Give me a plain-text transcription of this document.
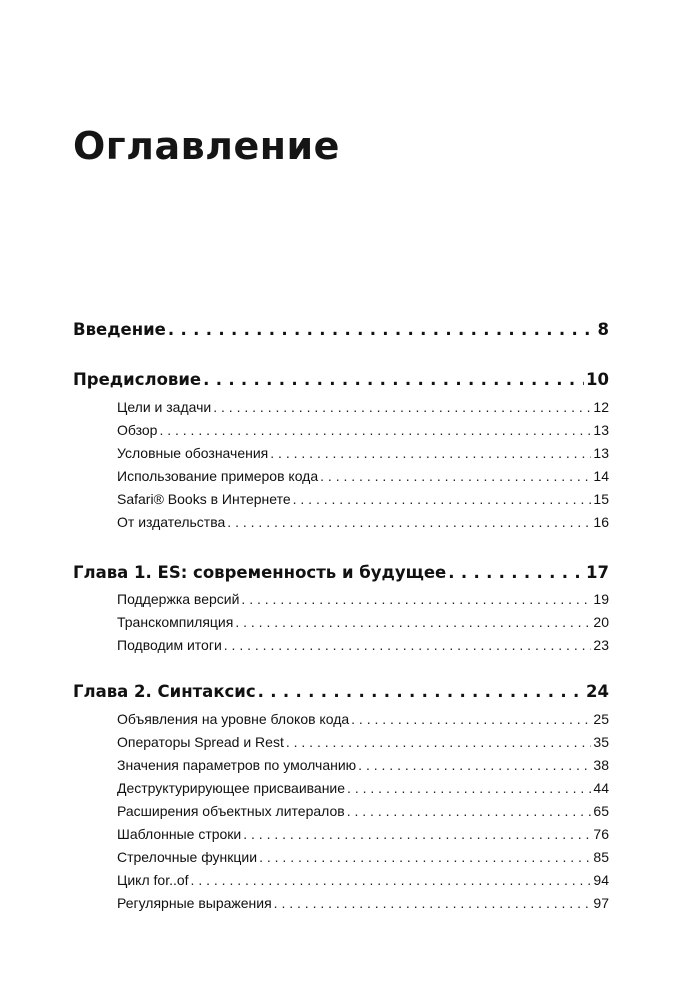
Оглавление
Введение . . .	8
Предисловие . . .	10
Цели и задачи . . .	12
Обзор . . .	13
Условные обозначения . . .	13
Использование примеров кода . . .	14
Safari® Books в Интернете . . .	15
От издательства . . .	16
Глава 1. ES: современность и будущее . . .	17
Поддержка версий . . .	19
Транскомпиляция . . .	20
Подводим итоги . . .	23
Глава 2. Синтаксис . . .	24
Объявления на уровне блоков кода . . .	25
Операторы Spread и Rest . . .	35
Значения параметров по умолчанию . . .	38
Деструктурирующее присваивание . . .	44
Расширения объектных литералов . . .	65
Шаблонные строки . . .	76
Стрелочные функции . . .	85
Цикл for..of . . .	94
Регулярные выражения . . .	97
